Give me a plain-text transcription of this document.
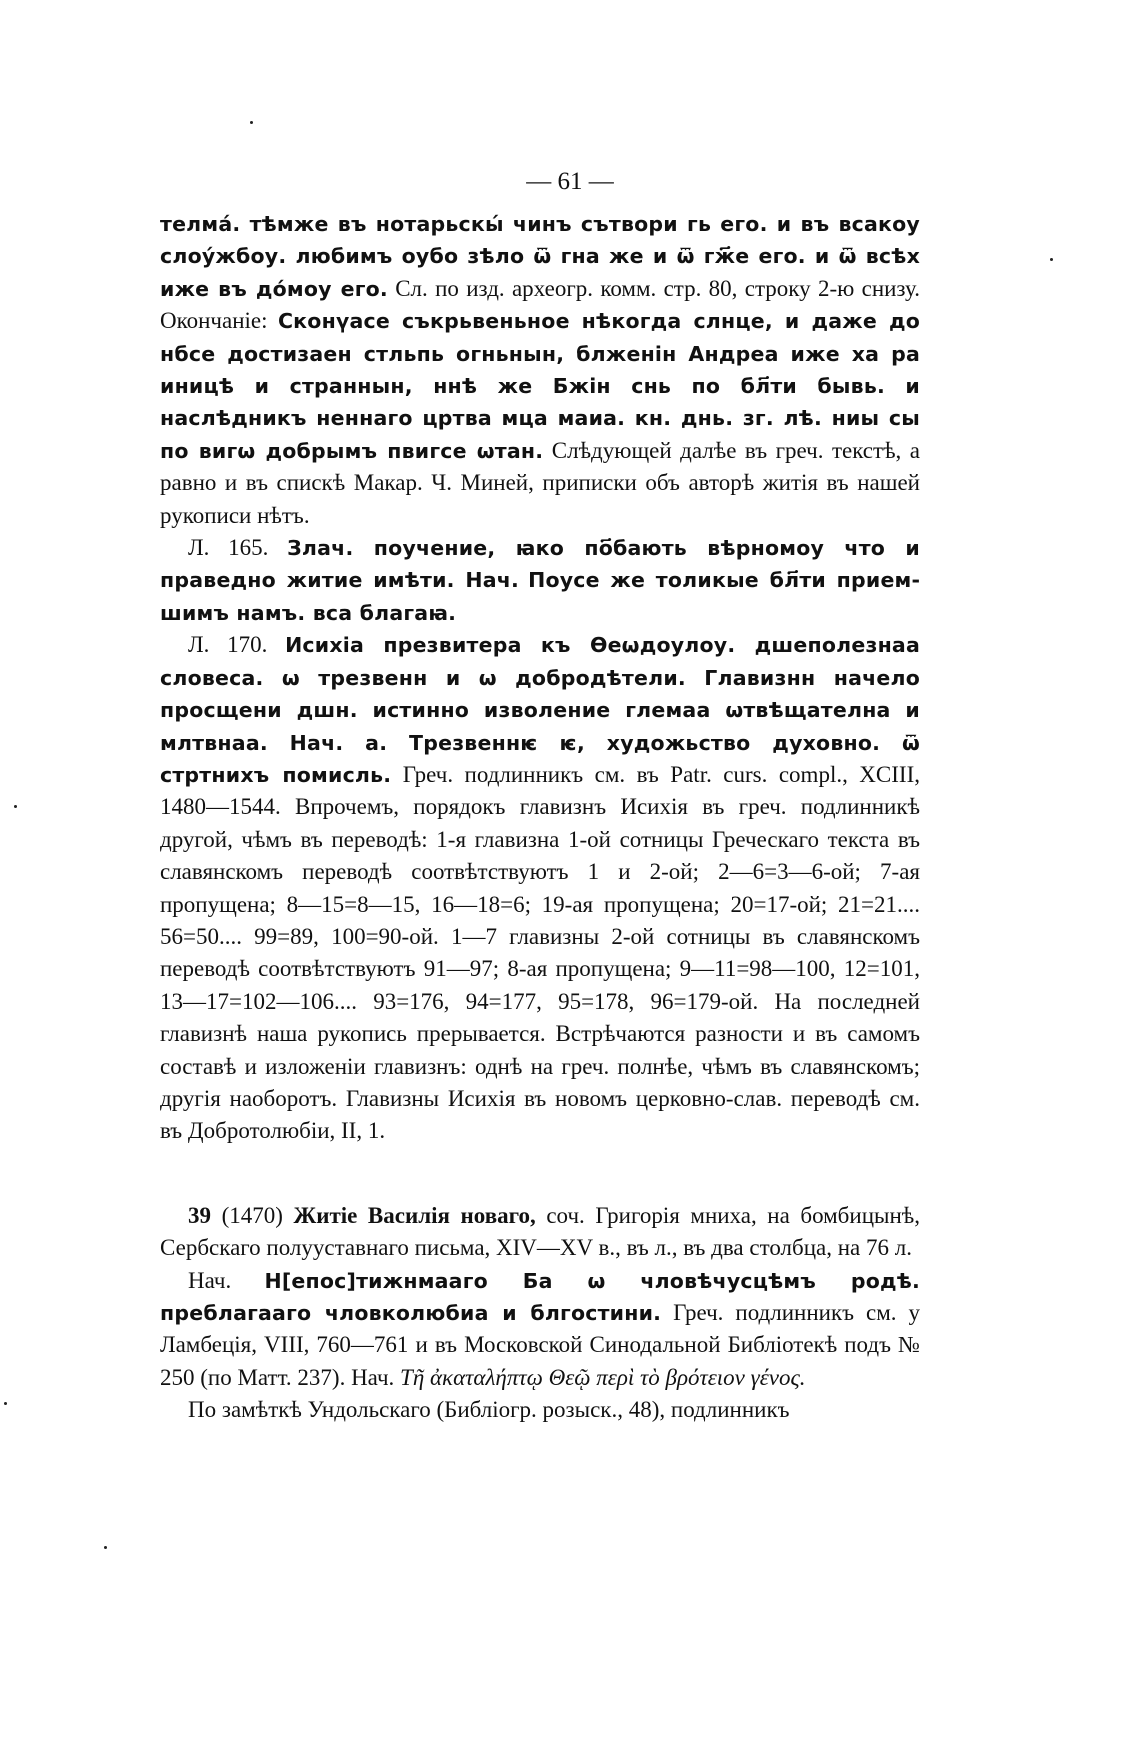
— 61 —

телма́. тѣмже въ нотарьскы́ чинъ сътвори гь его. и въ всакоу слоу́жбоу. любимъ оубо зѣло ѿ гна же и ѿ гж҃е его. и ѿ всѣх иже въ до́моу его. Сл. по изд. археогр. комм. стр. 80, строку 2-ю снизу. Окончаніе: Сконүасе съкрьвеньное нѣкогда слнце, и даже до нбсе достизаен стльпь огньнын, блженін Андреа иже ха ра иницѣ и страннын, ннѣ же Бжін снь по бл҃ти бывь. и наслѣдникъ неннаго цртва мца маиа. кн. днь. зг. лѣ. ниы сы по вигѡ добрымъ пвигсе ѡтан. Слѣдующей далѣе въ греч. текстѣ, а равно и въ спискѣ Макар. Ч. Миней, приписки объ авторѣ житія въ нашей рукописи нѣтъ.

Л. 165. Злач. поучение, ꙗко по҃бають вѣрномоу что и праведно житие имѣти. Нач. Поусе же толикые бл҃ти приемшимъ намъ. вса благаꙗ.

Л. 170. Исихіа презвитера къ Ѳеωдоулоу. дшеполезнаа словеса. ѡ трезвенн и ѡ добродѣтели. Главизнн начело просщени дшн. истинно изволение глемаа ѡтвѣщателна и млтвнаа. Нач. а. Трезвеннѥ ѥ, художьство духовно. ѿ стртнихъ помисль. Греч. подлинникъ см. въ Patr. curs. compl., XCIII, 1480—1544. Впрочемъ, порядокъ главизнъ Исихія въ греч. подлинникѣ другой, чѣмъ въ переводѣ: 1-я главизна 1-ой сотницы Греческаго текста въ славянскомъ переводѣ соотвѣтствуютъ 1 и 2-ой; 2—6=3—6-ой; 7-ая пропущена; 8—15=8—15, 16—18=6; 19-ая пропущена; 20=17-ой; 21=21.... 56=50.... 99=89, 100=90-ой. 1—7 главизны 2-ой сотницы въ славянскомъ переводѣ соотвѣтствуютъ 91—97; 8-ая пропущена; 9—11=98—100, 12=101, 13—17=102—106.... 93=176, 94=177, 95=178, 96=179-ой. На последней главизнѣ наша рукопись прерывается. Встрѣчаются разности и въ самомъ составѣ и изложеніи главизнъ: однѣ на греч. полнѣе, чѣмъ въ славянскомъ; другія наоборотъ. Главизны Исихія въ новомъ церковно-слав. переводѣ см. въ Добротолюбіи, II, 1.

39 (1470) Житіе Василія новаго, соч. Григорія мниха, на бомбицынѣ, Сербскаго полууставнаго письма, XIV—XV в., въ л., въ два столбца, на 76 л.

Нач. Н[епос]тижнмааго Ба ѡ чловѣчусцѣмъ родѣ. преблагааго чловколюбиа и блгостини. Греч. подлинникъ см. у Ламбеція, VIII, 760—761 и въ Московской Синодальной Библіотекѣ подъ № 250 (по Матт. 237). Нач. Τῆ ἀκαταλήπτῳ Θεῷ περὶ τὸ βρότειον γένος.

По замѣткѣ Ундольскаго (Библіогр. розыск., 48), подлинникъ
